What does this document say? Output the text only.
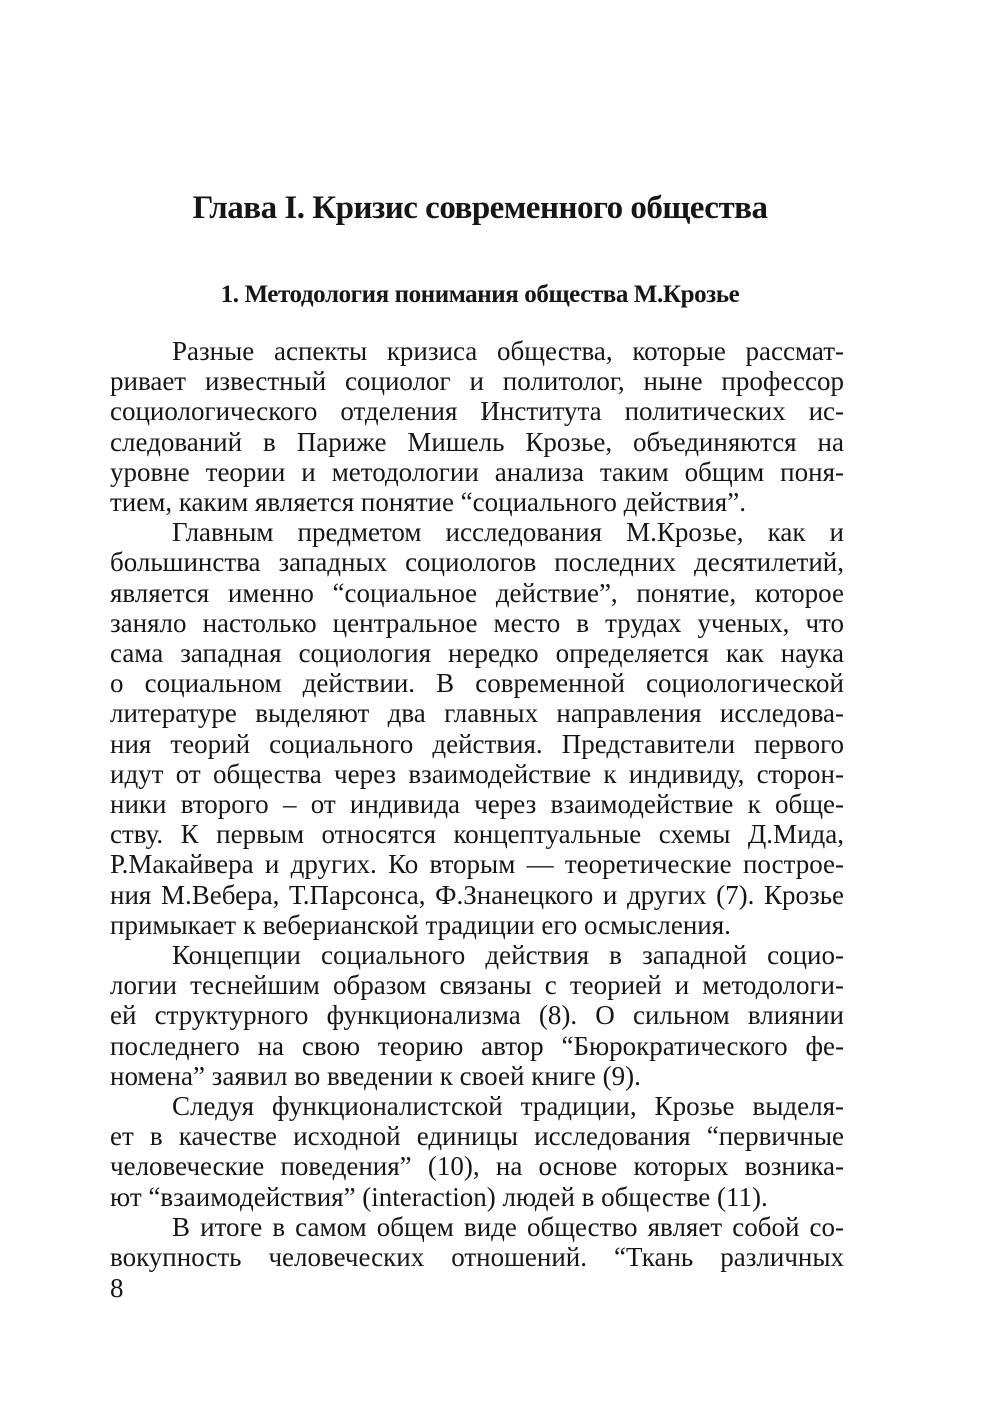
Глава I. Кризис современного общества
1. Методология понимания общества М.Крозье

Разные аспекты кризиса общества, которые рассмат-
ривает известный социолог и политолог, ныне профессор
социологического отделения Института политических ис-
следований в Париже Мишель Крозье, объединяются на
уровне теории и методологии анализа таким общим поня-
тием, каким является понятие “социального действия”.

Главным предметом исследования М.Крозье, как и
большинства западных социологов последних десятилетий,
является именно “социальное действие”, понятие, которое
заняло настолько центральное место в трудах ученых, что
сама западная социология нередко определяется как наука
о социальном действии. В современной социологической
литературе выделяют два главных направления исследова-
ния теорий социального действия. Представители первого
идут от общества через взаимодействие к индивиду, сторон-
ники второго – от индивида через взаимодействие к обще-
ству. К первым относятся концептуальные схемы Д.Мида,
Р.Макайвера и других. Ко вторым — теоретические построе-
ния М.Вебера, Т.Парсонса, Ф.Знанецкого и других (7). Крозье
примыкает к веберианской традиции его осмысления.

Концепции социального действия в западной социо-
логии теснейшим образом связаны с теорией и методологи-
ей структурного функционализма (8). О сильном влиянии
последнего на свою теорию автор “Бюрократического фе-
номена” заявил во введении к своей книге (9).

Следуя функционалистской традиции, Крозье выделя-
ет в качестве исходной единицы исследования “первичные
человеческие поведения” (10), на основе которых возника-
ют “взаимодействия” (interaction) людей в обществе (11).

В итоге в самом общем виде общество являет собой со-
вокупность человеческих отношений. “Ткань различных

8
